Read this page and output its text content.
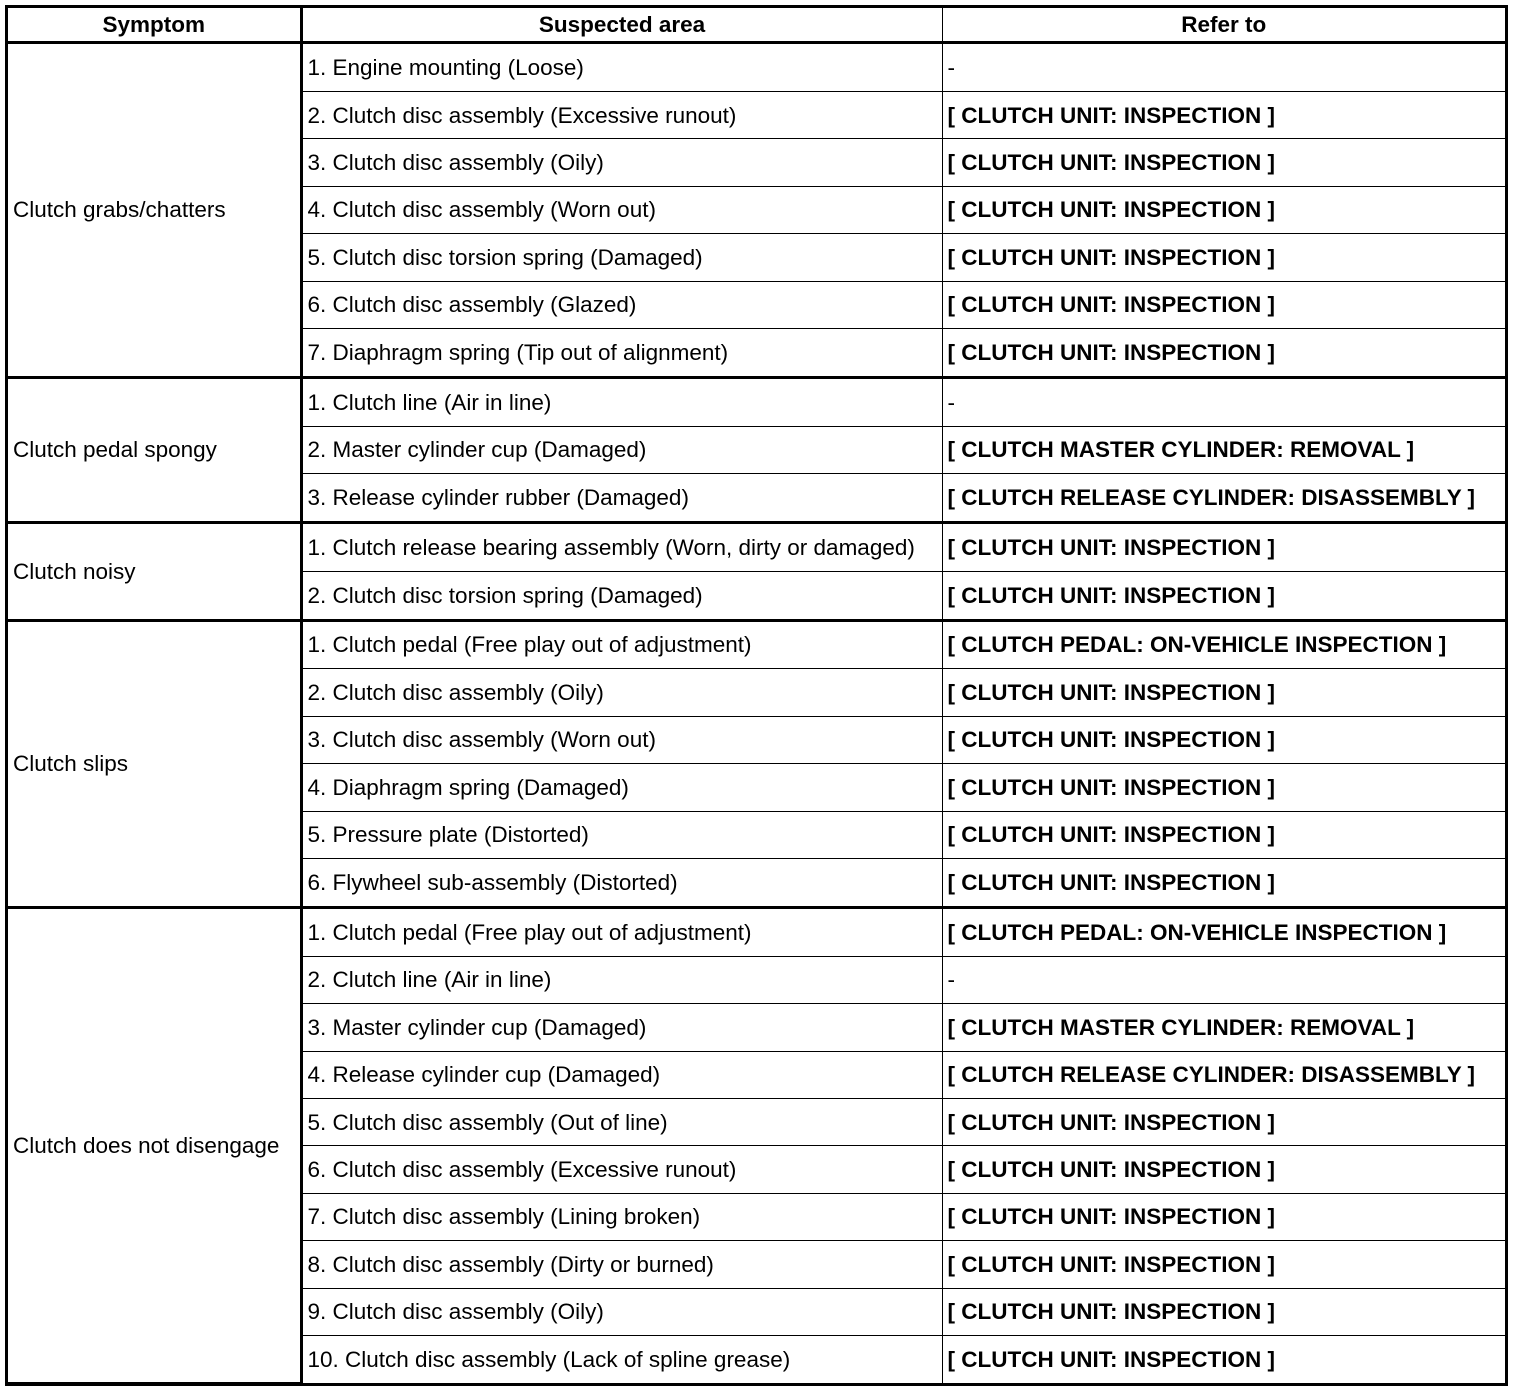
Symptom	Suspected area	Refer to
Clutch grabs/chatters	1. Engine mounting (Loose)	-
	2. Clutch disc assembly (Excessive runout)	[ CLUTCH UNIT: INSPECTION ]
	3. Clutch disc assembly (Oily)	[ CLUTCH UNIT: INSPECTION ]
	4. Clutch disc assembly (Worn out)	[ CLUTCH UNIT: INSPECTION ]
	5. Clutch disc torsion spring (Damaged)	[ CLUTCH UNIT: INSPECTION ]
	6. Clutch disc assembly (Glazed)	[ CLUTCH UNIT: INSPECTION ]
	7. Diaphragm spring (Tip out of alignment)	[ CLUTCH UNIT: INSPECTION ]
Clutch pedal spongy	1. Clutch line (Air in line)	-
	2. Master cylinder cup (Damaged)	[ CLUTCH MASTER CYLINDER: REMOVAL ]
	3. Release cylinder rubber (Damaged)	[ CLUTCH RELEASE CYLINDER: DISASSEMBLY ]
Clutch noisy	1. Clutch release bearing assembly (Worn, dirty or damaged)	[ CLUTCH UNIT: INSPECTION ]
	2. Clutch disc torsion spring (Damaged)	[ CLUTCH UNIT: INSPECTION ]
Clutch slips	1. Clutch pedal (Free play out of adjustment)	[ CLUTCH PEDAL: ON-VEHICLE INSPECTION ]
	2. Clutch disc assembly (Oily)	[ CLUTCH UNIT: INSPECTION ]
	3. Clutch disc assembly (Worn out)	[ CLUTCH UNIT: INSPECTION ]
	4. Diaphragm spring (Damaged)	[ CLUTCH UNIT: INSPECTION ]
	5. Pressure plate (Distorted)	[ CLUTCH UNIT: INSPECTION ]
	6. Flywheel sub-assembly (Distorted)	[ CLUTCH UNIT: INSPECTION ]
Clutch does not disengage	1. Clutch pedal (Free play out of adjustment)	[ CLUTCH PEDAL: ON-VEHICLE INSPECTION ]
	2. Clutch line (Air in line)	-
	3. Master cylinder cup (Damaged)	[ CLUTCH MASTER CYLINDER: REMOVAL ]
	4. Release cylinder cup (Damaged)	[ CLUTCH RELEASE CYLINDER: DISASSEMBLY ]
	5. Clutch disc assembly (Out of line)	[ CLUTCH UNIT: INSPECTION ]
	6. Clutch disc assembly (Excessive runout)	[ CLUTCH UNIT: INSPECTION ]
	7. Clutch disc assembly (Lining broken)	[ CLUTCH UNIT: INSPECTION ]
	8. Clutch disc assembly (Dirty or burned)	[ CLUTCH UNIT: INSPECTION ]
	9. Clutch disc assembly (Oily)	[ CLUTCH UNIT: INSPECTION ]
	10. Clutch disc assembly (Lack of spline grease)	[ CLUTCH UNIT: INSPECTION ]
